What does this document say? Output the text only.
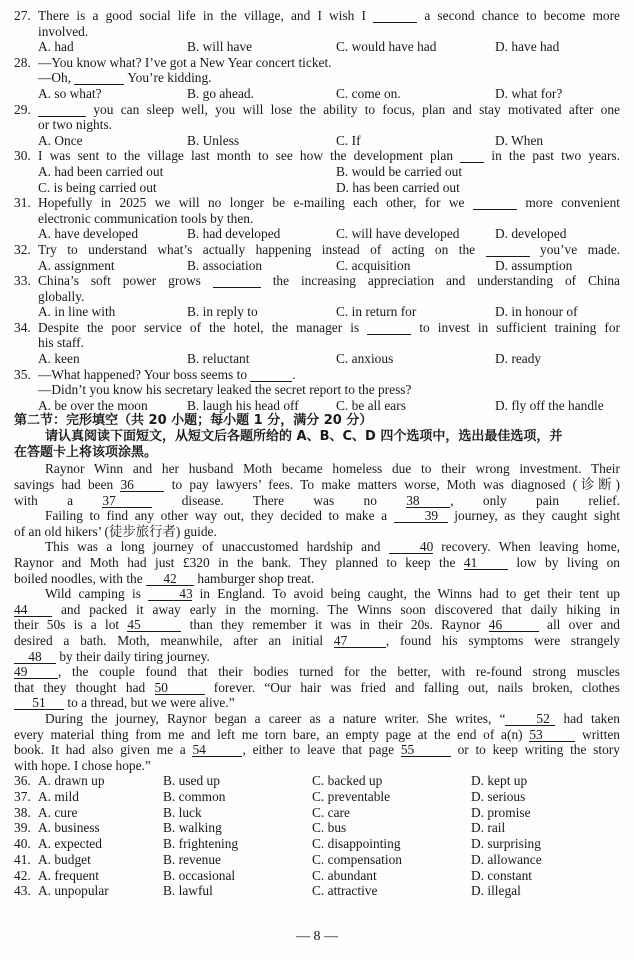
27. There is a good social life in the village, and I wish I	a second chance to become more
involved.
A. had	B. will have	C. would have had	D. have had
28. —You know what? I’ve got a New Year concert ticket.
—Oh,	You’re kidding.
A. so what?	B. go ahead.	C. come on.	D. what for?
29.	you can sleep well, you will lose the ability to focus, plan and stay motivated after one
or two nights.
A. Once	B. Unless	C. If	D. When
30. I was sent to the village last month to see how the development plan	in the past two years.
A. had been carried out	B. would be carried out
C. is being carried out	D. has been carried out
31. Hopefully in 2025 we will no longer be e-mailing each other, for we	more convenient
electronic communication tools by then.
A. have developed	B. had developed	C. will have developed	D. developed
32. Try to understand what’s actually happening instead of acting on the	you’ve made.
A. assignment	B. association	C. acquisition	D. assumption
33. China’s soft power grows	the increasing appreciation and understanding of China
globally.
A. in line with	B. in reply to	C. in return for	D. in honour of
34. Despite the poor service of the hotel, the manager is	to invest in sufficient training for
his staff.
A. keen	B. reluctant	C. anxious	D. ready
35. —What happened? Your boss seems to	.
—Didn’t you know his secretary leaked the secret report to the press?
A. be over the moon	B. laugh his head off	C. be all ears	D. fly off the handle
第二节：完形填空（共 20 小题；每小题 1 分，满分 20 分）
请认真阅读下面短文，从短文后各题所给的 A、B、C、D 四个选项中，选出最佳选项，并
在答题卡上将该项涂黑。
Raynor Winn and her husband Moth became homeless due to their wrong investment. Their
savings had been 36	to pay lawyers’ fees. To make matters worse, Moth was diagnosed (诊断)
with a 37	disease. There was no 38 , only pain relief.
Failing to find any other way out, they decided to make a	39 journey, as they caught sight
of an old hikers’ (徒步旅行者) guide.
This was a long journey of unaccustomed hardship and	40 recovery. When leaving home,
Raynor and Moth had just £320 in the bank. They planned to keep the 41	low by living on
boiled noodles, with the 42 hamburger shop treat.
Wild camping is	43 in England. To avoid being caught, the Winns had to get their tent up
44	and packed it away early in the morning. The Winns soon discovered that daily hiking in
their 50s is a lot 45	than they remember it was in their 20s. Raynor 46	all over and
desired a bath. Moth, meanwhile, after an initial 47	, found his symptoms were strangely
48 by their daily tiring journey.
49 , the couple found that their bodies turned for the better, with re-found strong muscles
that they thought had 50	forever. “Our hair was fried and falling out, nails broken, clothes
51 to a thread, but we were alive.”
During the journey, Raynor began a career as a nature writer. She writes, “ 52 had taken
every material thing from me and left me torn bare, an empty page at the end of a(n) 53	written
book. It had also given me a 54	, either to leave that page 55	or to keep writing the story
with hope. I chose hope.”
36. A. drawn up	B. used up	C. backed up	D. kept up
37. A. mild	B. common	C. preventable	D. serious
38. A. cure	B. luck	C. care	D. promise
39. A. business	B. walking	C. bus	D. rail
40. A. expected	B. frightening	C. disappointing	D. surprising
41. A. budget	B. revenue	C. compensation	D. allowance
42. A. frequent	B. occasional	C. abundant	D. constant
43. A. unpopular	B. lawful	C. attractive	D. illegal
— 8 —
